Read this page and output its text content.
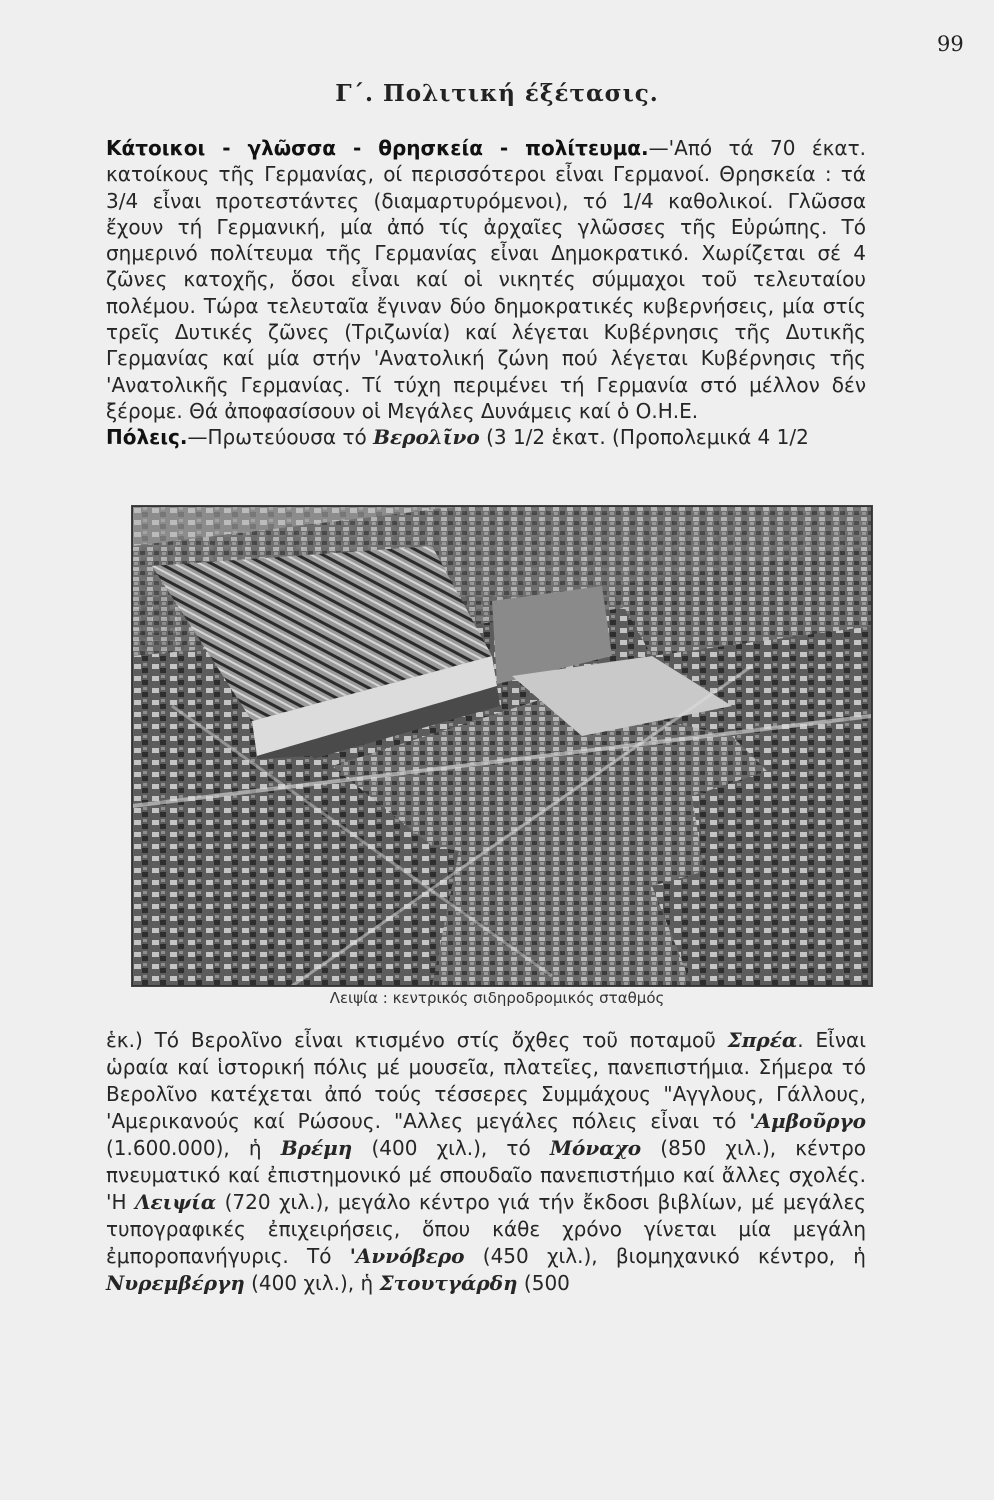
99
Γ΄. Πολιτική έξέτασις.
Κάτοικοι - γλῶσσα - θρησκεία - πολίτευμα.—'Από τά 70 έκατ. κατοίκους τῆς Γερμανίας, οί περισσότεροι εἶναι Γερμανοί. Θρησκεία : τά 3/4 εἶναι προτεστάντες (διαμαρτυρόμενοι), τό 1/4 καθολικοί. Γλῶσσα ἔχουν τή Γερμανική, μία ἀπό τίς ἀρχαῖες γλῶσσες τῆς Εὐρώπης. Τό σημερινό πολίτευμα τῆς Γερμανίας εἶναι Δημοκρατικό. Χωρίζεται σέ 4 ζῶνες κατοχῆς, ὅσοι εἶναι καί οἱ νικητές σύμμαχοι τοῦ τελευταίου πολέμου. Τώρα τελευταῖα ἔγιναν δύο δημοκρατικές κυβερνήσεις, μία στίς τρεῖς Δυτικές ζῶνες (Τριζωνία) καί λέγεται Κυβέρνησις τῆς Δυτικῆς Γερμανίας καί μία στήν 'Ανατολική ζώνη πού λέγεται Κυβέρνησις τῆς 'Ανατολικῆς Γερμανίας. Τί τύχη περιμένει τή Γερμανία στό μέλλον δέν ξέρομε. Θά ἀποφασίσουν οἱ Μεγάλες Δυνάμεις καί ὁ Ο.Η.Ε.
Πόλεις.—Πρωτεύουσα τό Βερολῖνο (3 1/2 ἑκατ. (Προπολεμικά 4 1/2
Λειψία : κεντρικός σιδηροδρομικός σταθμός
ἑκ.) Τό Βερολῖνο εἶναι κτισμένο στίς ὄχθες τοῦ ποταμοῦ Σπρέα. Εἶναι ὡραία καί ἱστορική πόλις μέ μουσεῖα, πλατεῖες, πανεπιστήμια. Σήμερα τό Βερολῖνο κατέχεται ἀπό τούς τέσσερες Συμμάχους "Αγγλους, Γάλλους, 'Αμερικανούς καί Ρώσους. "Αλλες μεγάλες πόλεις εἶναι τό 'Αμβοῦργο (1.600.000), ἡ Βρέμη (400 χιλ.), τό Μόναχο (850 χιλ.), κέντρο πνευματικό καί ἐπιστημονικό μέ σπουδαῖο πανεπιστήμιο καί ἄλλες σχολές. 'Η Λειψία (720 χιλ.), μεγάλο κέντρο γιά τήν ἔκδοσι βιβλίων, μέ μεγάλες τυπογραφικές ἐπιχειρήσεις, ὅπου κάθε χρόνο γίνεται μία μεγάλη ἐμποροπανήγυρις. Τό 'Αννόβερο (450 χιλ.), βιομηχανικό κέντρο, ἡ Νυρεμβέργη (400 χιλ.), ἡ Στουτγάρδη (500
